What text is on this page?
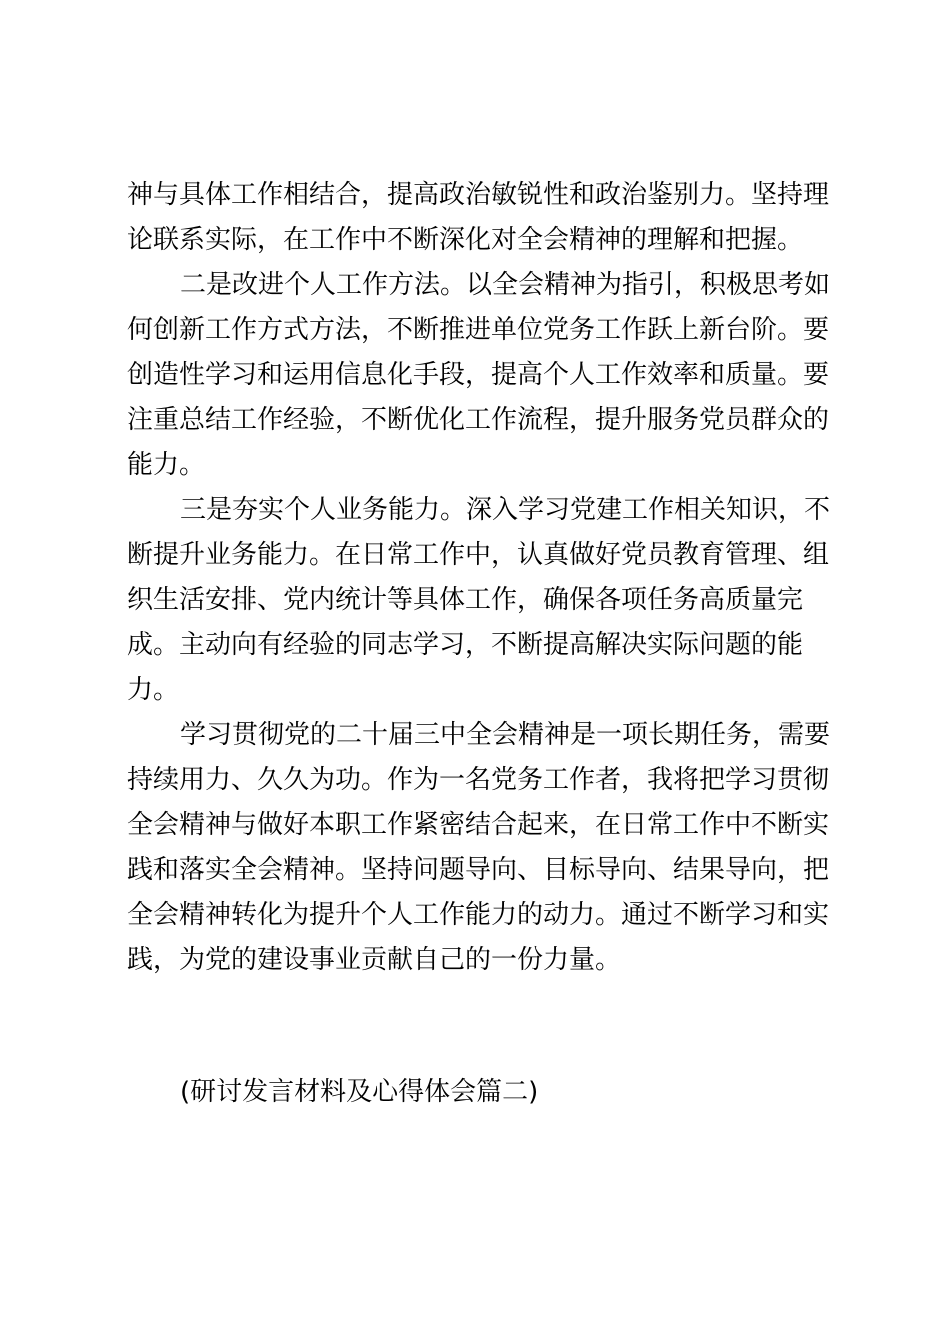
神与具体工作相结合，提高政治敏锐性和政治鉴别力。坚持理
论联系实际，在工作中不断深化对全会精神的理解和把握。
二是改进个人工作方法。以全会精神为指引，积极思考如
何创新工作方式方法，不断推进单位党务工作跃上新台阶。要
创造性学习和运用信息化手段，提高个人工作效率和质量。要
注重总结工作经验，不断优化工作流程，提升服务党员群众的
能力。
三是夯实个人业务能力。深入学习党建工作相关知识，不
断提升业务能力。在日常工作中，认真做好党员教育管理、组
织生活安排、党内统计等具体工作，确保各项任务高质量完
成。主动向有经验的同志学习，不断提高解决实际问题的能
力。
学习贯彻党的二十届三中全会精神是一项长期任务，需要
持续用力、久久为功。作为一名党务工作者，我将把学习贯彻
全会精神与做好本职工作紧密结合起来，在日常工作中不断实
践和落实全会精神。坚持问题导向、目标导向、结果导向，把
全会精神转化为提升个人工作能力的动力。通过不断学习和实
践，为党的建设事业贡献自己的一份力量。
(研讨发言材料及心得体会篇二)
